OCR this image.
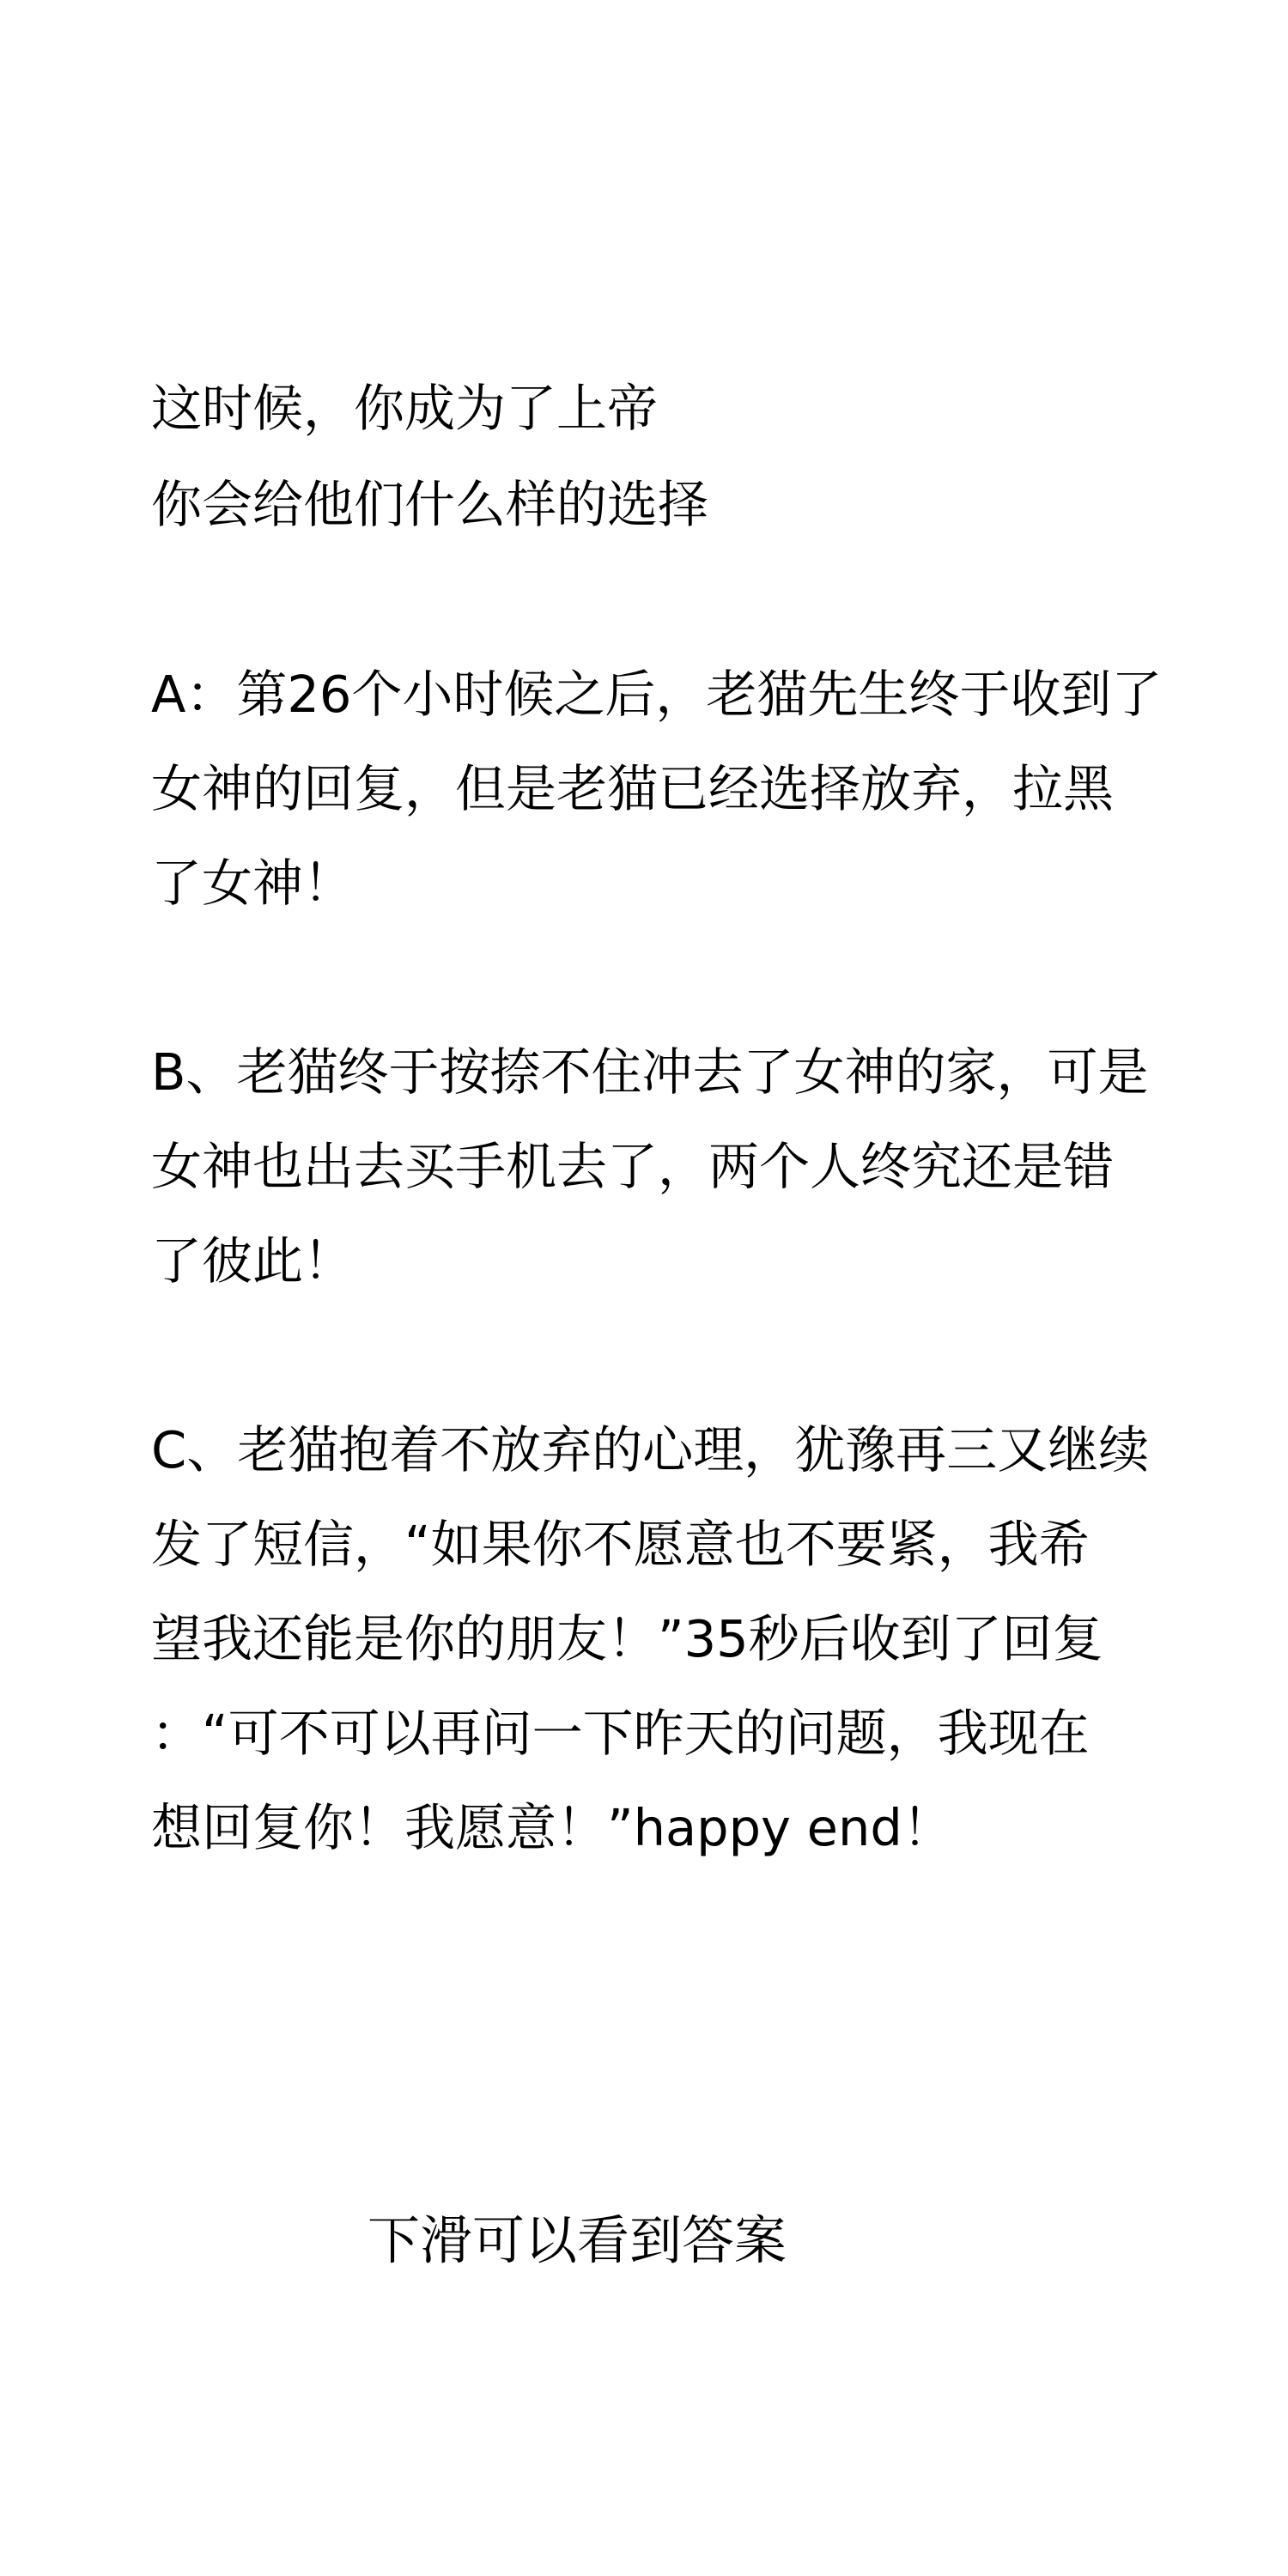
这时候，你成为了上帝
你会给他们什么样的选择

A：第26个小时候之后，老猫先生终于收到了
女神的回复，但是老猫已经选择放弃，拉黑
了女神！

B、老猫终于按捺不住冲去了女神的家，可是
女神也出去买手机去了，两个人终究还是错
了彼此！

C、老猫抱着不放弃的心理，犹豫再三又继续
发了短信，“如果你不愿意也不要紧，我希
望我还能是你的朋友！”35秒后收到了回复
：“可不可以再问一下昨天的问题，我现在
想回复你！我愿意！”happy end！

下滑可以看到答案
